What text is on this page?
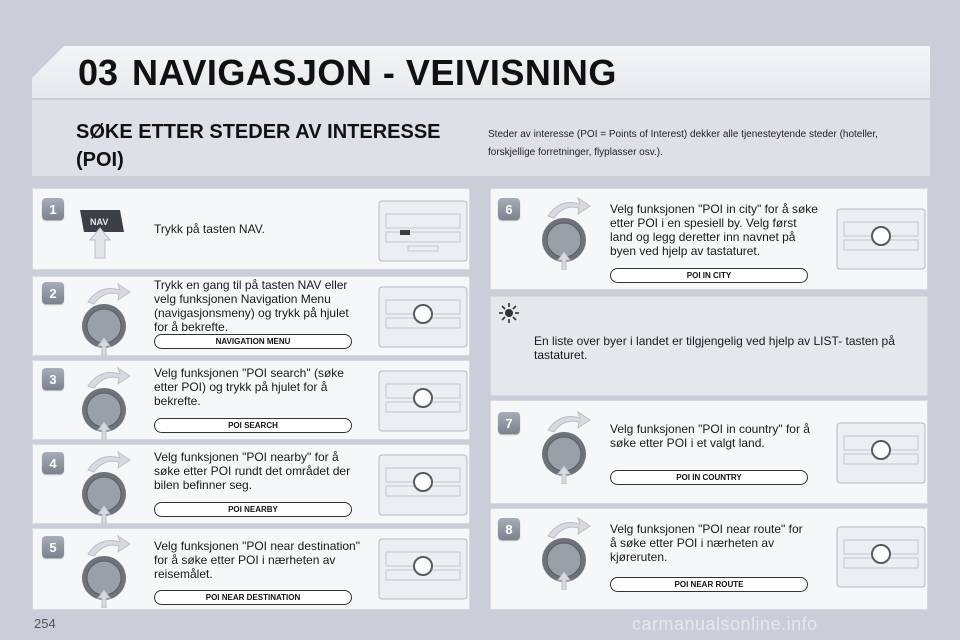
03 NAVIGASJON - VEIVISNING
SØKE ETTER STEDER AV INTERESSE (POI)
Steder av interesse (POI = Points of Interest) dekker alle tjenesteytende steder (hoteller, forskjellige forretninger, flyplasser osv.).
1
NAV	Trykk på tasten NAV.
2
Trykk en gang til på tasten NAV eller velg funksjonen Navigation Menu (navigasjonsmeny) og trykk på hjulet for å bekrefte.
NAVIGATION MENU
3	Velg funksjonen "POI search" (søke etter POI) og trykk på hjulet for å bekrefte.
POI SEARCH
4	Velg funksjonen "POI nearby" for å søke etter POI rundt det området der bilen befinner seg.
POI NEARBY
5	Velg funksjonen "POI near destination" for å søke etter POI i nærheten av reisemålet.
POI NEAR DESTINATION
6	Velg funksjonen "POI in city" for å søke etter POI i en spesiell by. Velg først land og legg deretter inn navnet på byen ved hjelp av tastaturet.
POI IN CITY
En liste over byer i landet er tilgjengelig ved hjelp av LIST- tasten på tastaturet.
7	Velg funksjonen "POI in country" for å søke etter POI i et valgt land.
POI IN COUNTRY
8	Velg funksjonen "POI near route" for å søke etter POI i nærheten av kjøreruten.
POI NEAR ROUTE
254	carmanualsonline.info
